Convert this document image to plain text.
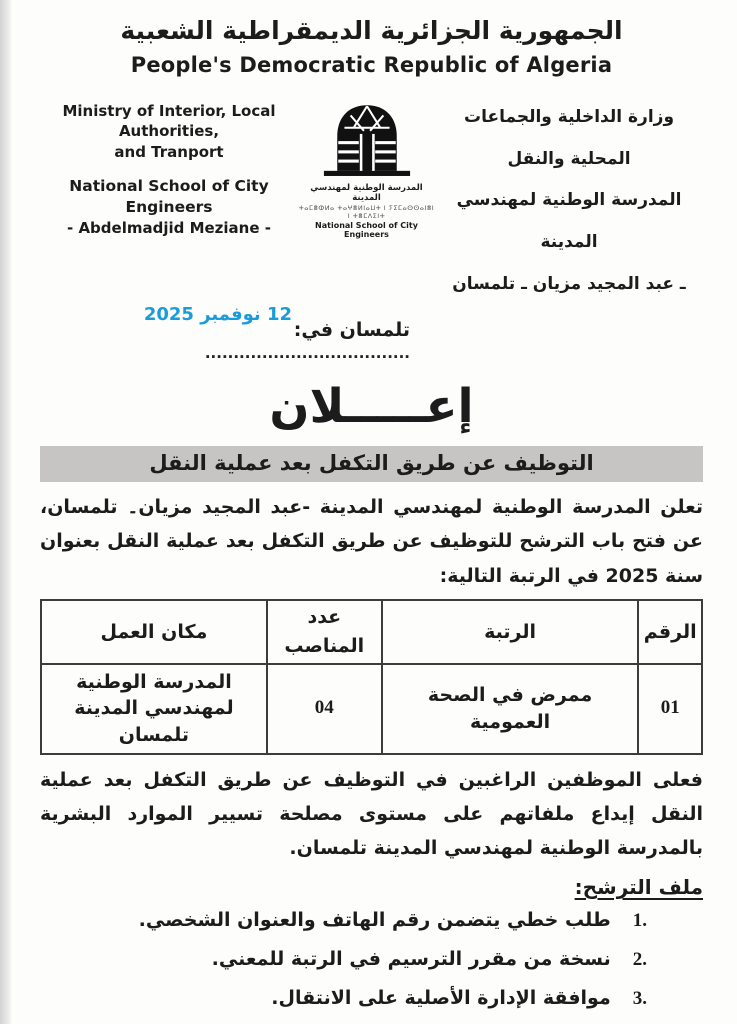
الجمهورية الجزائرية الديمقراطية الشعبية
People's Democratic Republic of Algeria
Ministry of Interior, Local Authorities,
and Tranport
National School of City Engineers
- Abdelmadjid Meziane -
المدرسة الوطنية لمهندسي المدينة
ⵜⴰⵎⴻⵀⵍⴰ ⵜⴰⵖⴻⵍⵏⴰⵡⵜ ⵏ ⵢⵉⵎⴰⵙⵙⴰⵏⴻⵏ ⵏ ⵜⴻⵎⴷⵉⵏⵜ
National School of City Engineers
وزارة الداخلية والجماعات المحلية والنقل
المدرسة الوطنية لمهندسي المدينة
ـ عبد المجيد مزيان ـ تلمسان
تلمسان في: ....................................
12 نوفمبر 2025
إعـــــلان
التوظيف عن طريق التكفل بعد عملية النقل
تعلن المدرسة الوطنية لمهندسي المدينة -عبد المجيد مزيان۔ تلمسان، عن فتح باب الترشح للتوظيف عن طريق التكفل بعد عملية النقل بعنوان سنة 2025 في الرتبة التالية:
الرقم	الرتبة	عدد المناصب	مكان العمل
01	ممرض في الصحة العمومية	04	المدرسة الوطنية لمهندسي المدينة تلمسان
فعلى الموظفين الراغبين في التوظيف عن طريق التكفل بعد عملية النقل إيداع ملفاتهم على مستوى مصلحة تسيير الموارد البشرية بالمدرسة الوطنية لمهندسي المدينة تلمسان.
ملف الترشح:
1.
طلب خطي يتضمن رقم الهاتف والعنوان الشخصي.
2.
نسخة من مقرر الترسيم في الرتبة للمعني.
3.
موافقة الإدارة الأصلية على الانتقال.
